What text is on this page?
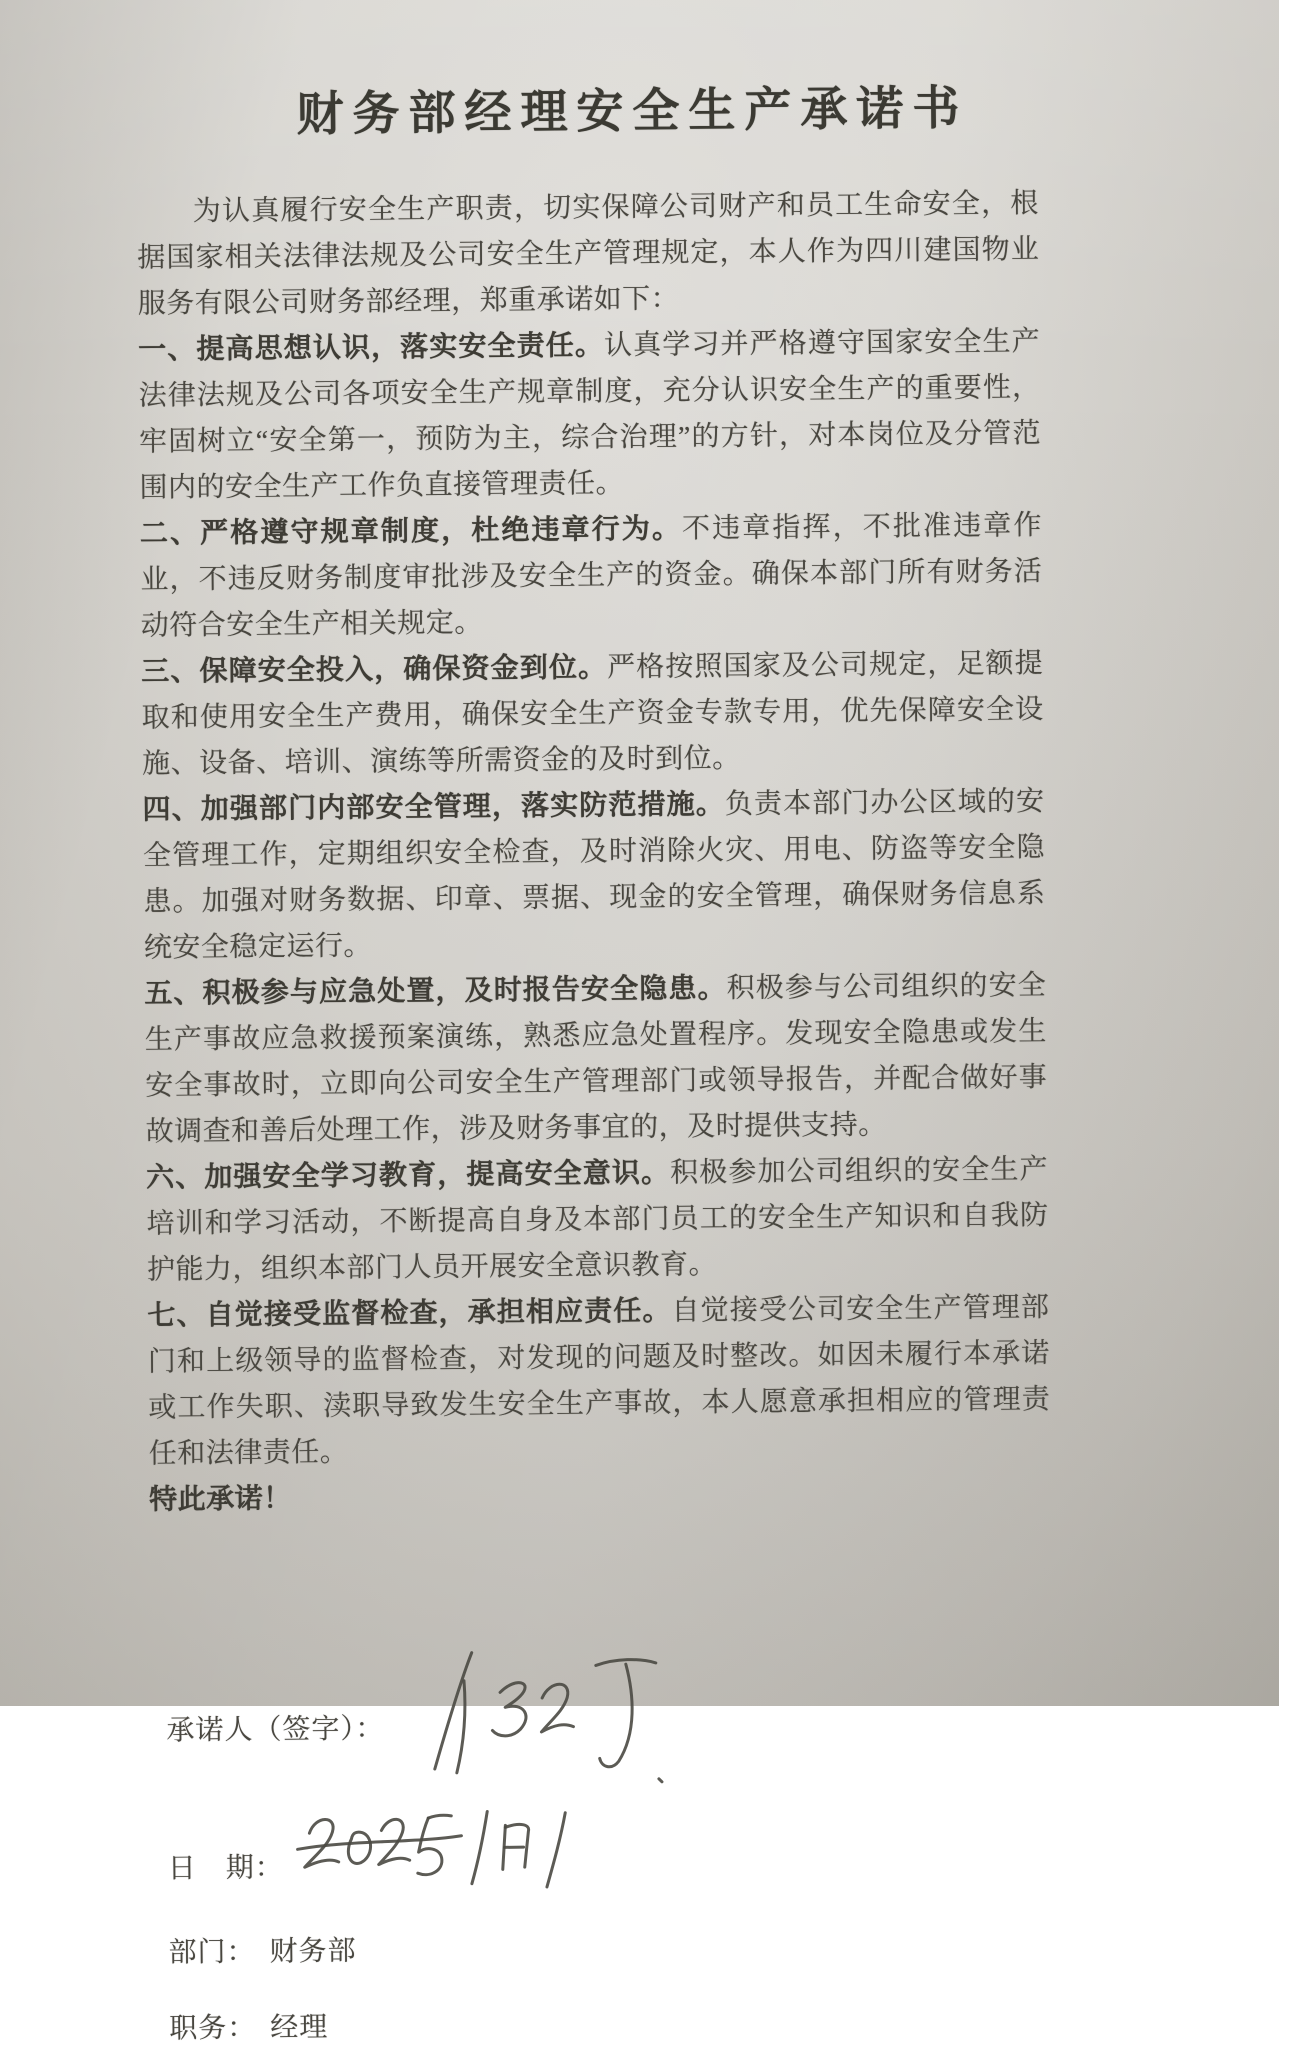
财务部经理安全生产承诺书

为认真履行安全生产职责，切实保障公司财产和员工生命安全，根据国家相关法律法规及公司安全生产管理规定，本人作为四川建国物业服务有限公司财务部经理，郑重承诺如下：

一、提高思想认识，落实安全责任。认真学习并严格遵守国家安全生产法律法规及公司各项安全生产规章制度，充分认识安全生产的重要性，牢固树立“安全第一，预防为主，综合治理”的方针，对本岗位及分管范围内的安全生产工作负直接管理责任。

二、严格遵守规章制度，杜绝违章行为。不违章指挥，不批准违章作业，不违反财务制度审批涉及安全生产的资金。确保本部门所有财务活动符合安全生产相关规定。

三、保障安全投入，确保资金到位。严格按照国家及公司规定，足额提取和使用安全生产费用，确保安全生产资金专款专用，优先保障安全设施、设备、培训、演练等所需资金的及时到位。

四、加强部门内部安全管理，落实防范措施。负责本部门办公区域的安全管理工作，定期组织安全检查，及时消除火灾、用电、防盗等安全隐患。加强对财务数据、印章、票据、现金的安全管理，确保财务信息系统安全稳定运行。

五、积极参与应急处置，及时报告安全隐患。积极参与公司组织的安全生产事故应急救援预案演练，熟悉应急处置程序。发现安全隐患或发生安全事故时，立即向公司安全生产管理部门或领导报告，并配合做好事故调查和善后处理工作，涉及财务事宜的，及时提供支持。

六、加强安全学习教育，提高安全意识。积极参加公司组织的安全生产培训和学习活动，不断提高自身及本部门员工的安全生产知识和自我防护能力，组织本部门人员开展安全意识教育。

七、自觉接受监督检查，承担相应责任。自觉接受公司安全生产管理部门和上级领导的监督检查，对发现的问题及时整改。如因未履行本承诺或工作失职、渎职导致发生安全生产事故，本人愿意承担相应的管理责任和法律责任。

特此承诺！

承诺人（签字）：
日　期：
部门： 财务部
职务： 经理
